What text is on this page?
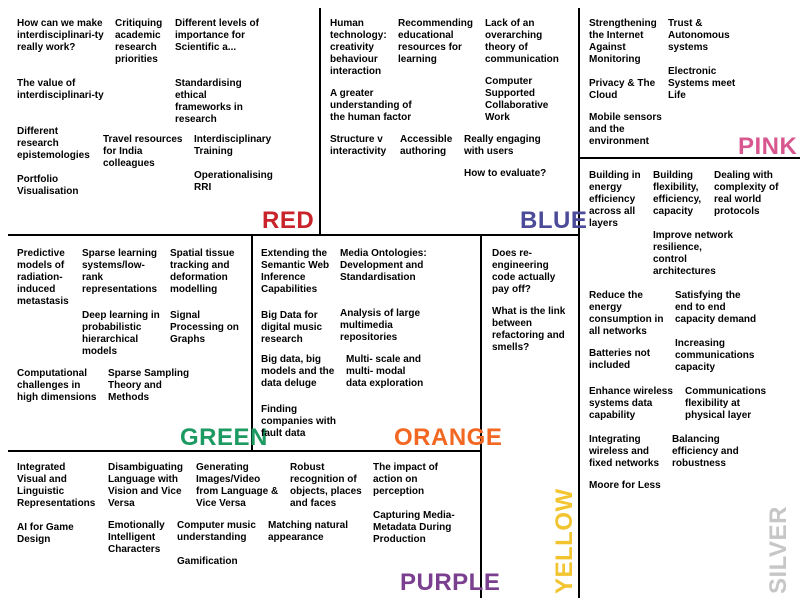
How can we make interdisciplinari-ty really work?

Critiquing academic research priorities

Different levels of importance for Scientific a...

The value of interdisciplinari-ty

Standardising ethical frameworks in research

Different research epistemologies

Travel resources for India colleagues

Interdisciplinary Training

Portfolio Visualisation

Operationalising RRI

RED

Human technology: creativity behaviour interaction

Recommending educational resources for learning

Lack of an overarching theory of communication

A greater understanding of the human factor

Computer Supported Collaborative Work

Structure v interactivity

Accessible authoring

Really engaging with users

How to evaluate?

BLUE

Strengthening the Internet Against Monitoring

Trust & Autonomous systems

Electronic Systems meet Life

Privacy & The Cloud

Mobile sensors and the environment	PINK

Predictive models of radiation-induced metastasis

Sparse learning systems/low-rank representations

Spatial tissue tracking and deformation modelling

Deep learning in probabilistic hierarchical models

Signal Processing on Graphs

Computational challenges in high dimensions

Sparse Sampling Theory and Methods

GREEN

Extending the Semantic Web Inference Capabilities

Media Ontologies: Development and Standardisation

Big Data for digital music research

Analysis of large multimedia repositories

Big data, big models and the data deluge

Multi- scale and multi- modal data exploration

Finding companies with fault data	ORANGE

Does re-engineering code actually pay off?

What is the link between refactoring and smells?

YELLOW

Building in energy efficiency across all layers

Building flexibility, efficiency, capacity

Dealing with complexity of real world protocols

Improve network resilience, control architectures

Reduce the energy consumption in all networks

Satisfying the end to end capacity demand

Batteries not included

Increasing communications capacity

Enhance wireless systems data capability

Communications flexibility at physical layer

Integrating wireless and fixed networks

Balancing efficiency and robustness

Moore for Less

SILVER

Integrated Visual and Linguistic Representations

Disambiguating Language with Vision and Vice Versa

Generating Images/Video from Language & Vice Versa

Robust recognition of objects, places and faces

The impact of action on perception

AI for Game Design

Emotionally Intelligent Characters

Computer music understanding

Matching natural appearance

Capturing Media-Metadata During Production

Gamification

PURPLE
